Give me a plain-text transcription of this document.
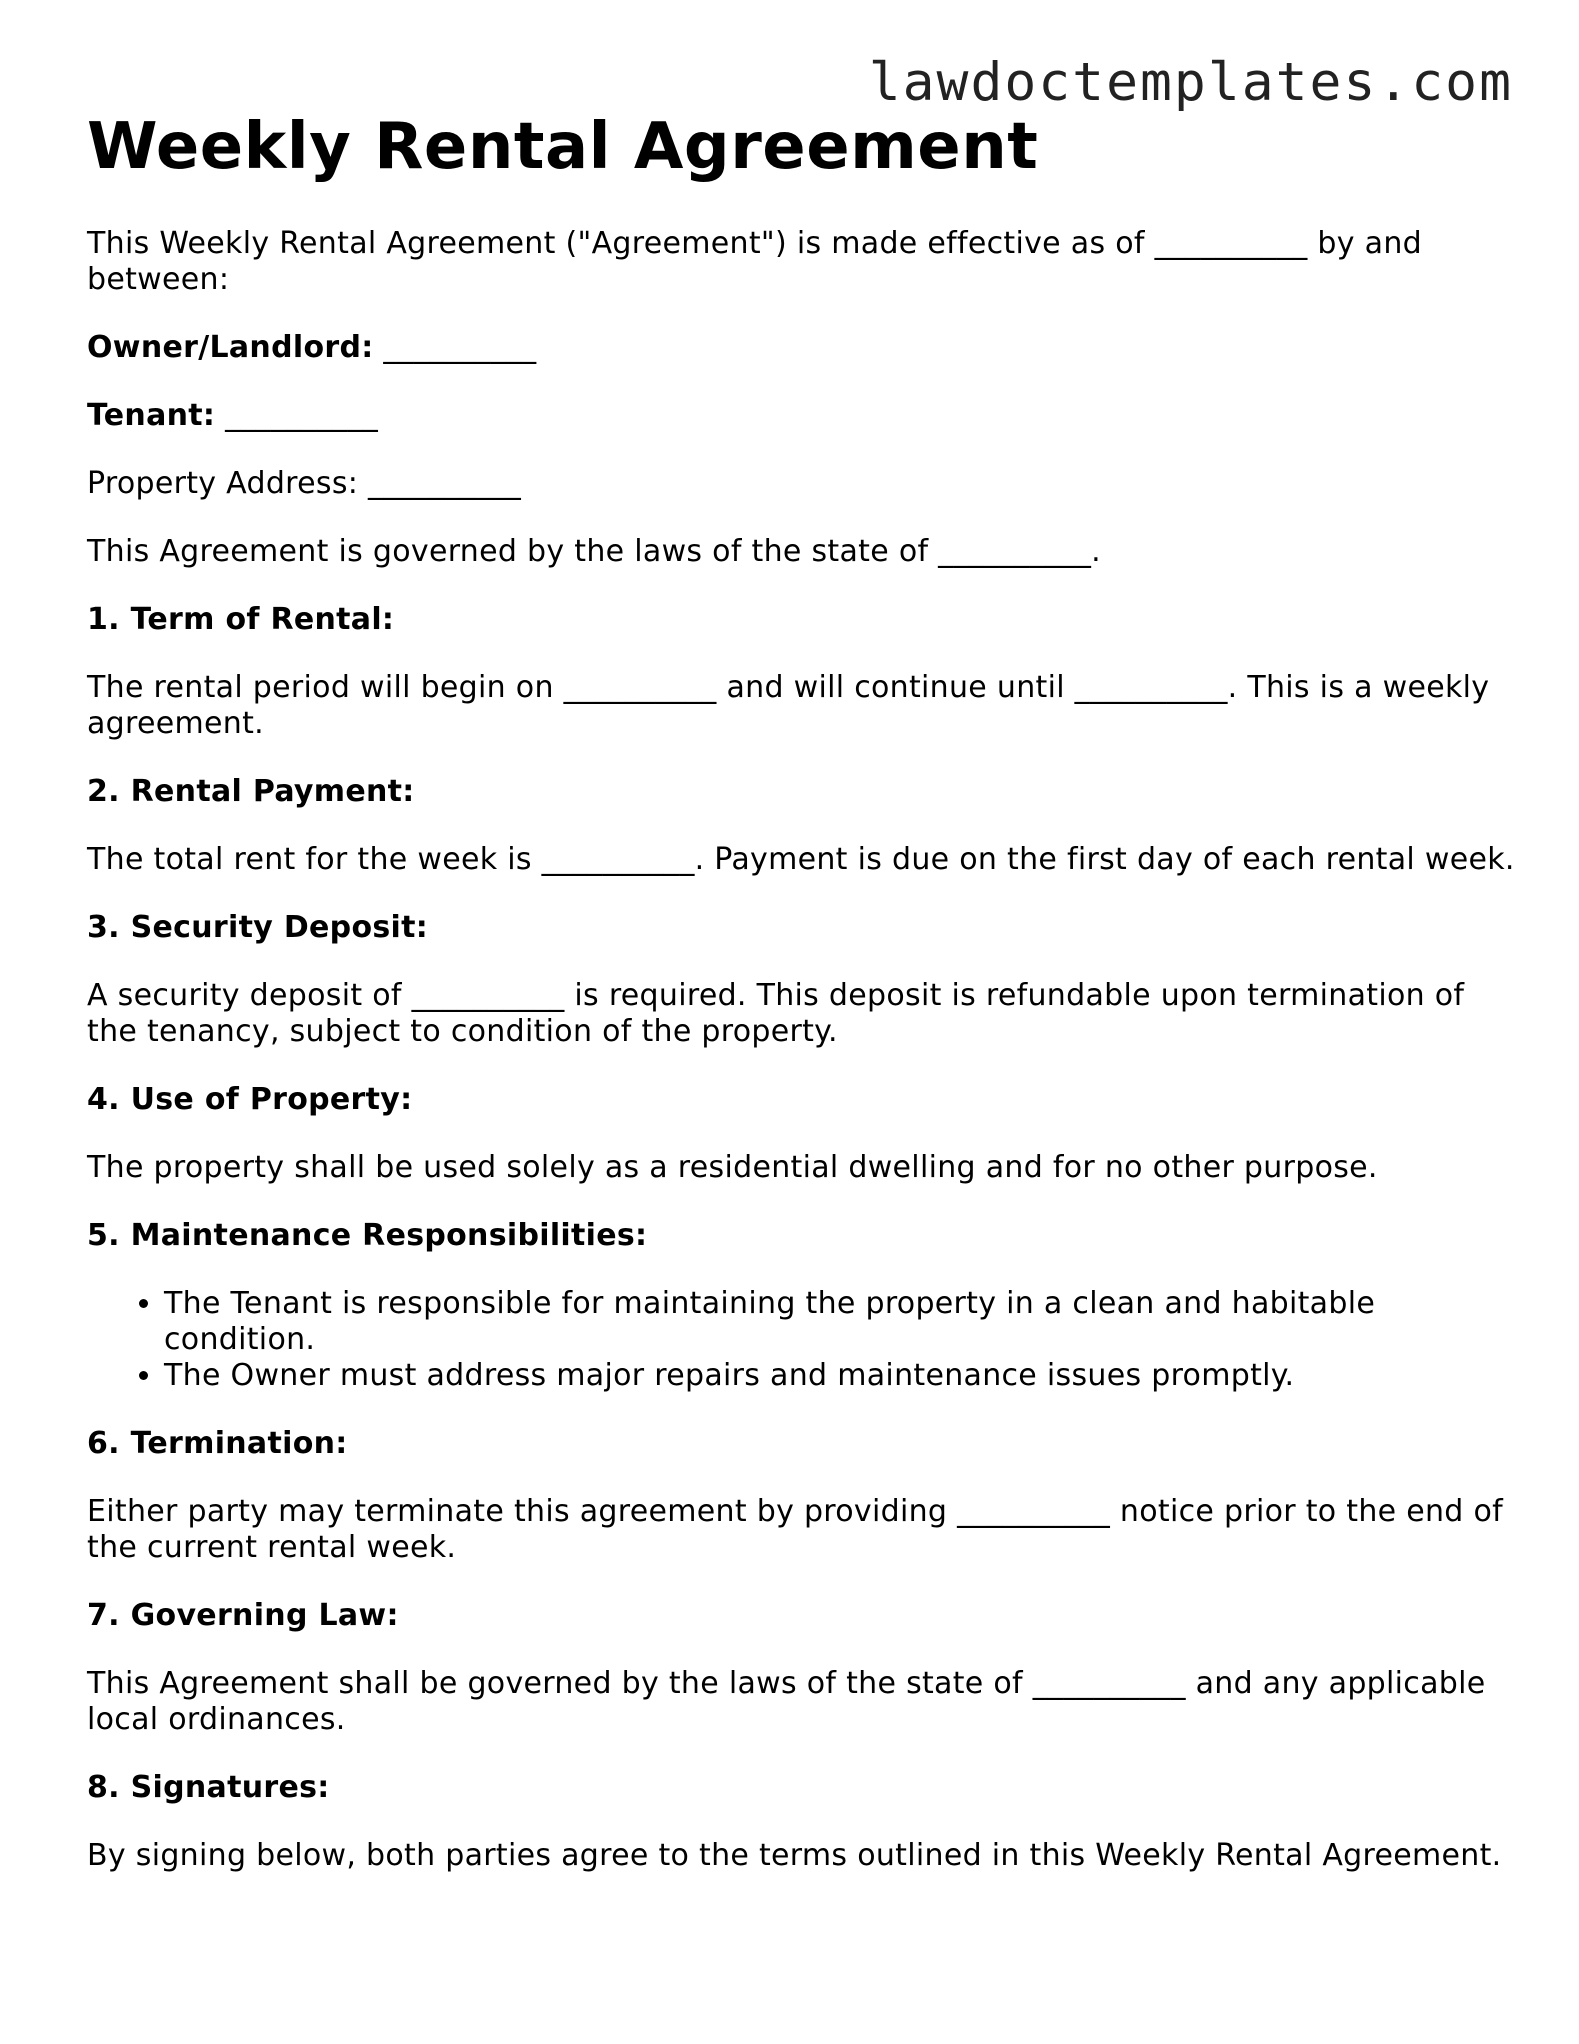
lawdoctemplates.com
Weekly Rental Agreement

This Weekly Rental Agreement ("Agreement") is made effective as of __________ by and between:

Owner/Landlord: __________

Tenant: __________

Property Address: __________

This Agreement is governed by the laws of the state of __________.

1. Term of Rental:

The rental period will begin on __________ and will continue until __________. This is a weekly agreement.

2. Rental Payment:

The total rent for the week is __________. Payment is due on the first day of each rental week.

3. Security Deposit:

A security deposit of __________ is required. This deposit is refundable upon termination of the tenancy, subject to condition of the property.

4. Use of Property:

The property shall be used solely as a residential dwelling and for no other purpose.

5. Maintenance Responsibilities:
• The Tenant is responsible for maintaining the property in a clean and habitable condition.
• The Owner must address major repairs and maintenance issues promptly.
6. Termination:

Either party may terminate this agreement by providing __________ notice prior to the end of the current rental week.

7. Governing Law:

This Agreement shall be governed by the laws of the state of __________ and any applicable local ordinances.

8. Signatures:

By signing below, both parties agree to the terms outlined in this Weekly Rental Agreement.
